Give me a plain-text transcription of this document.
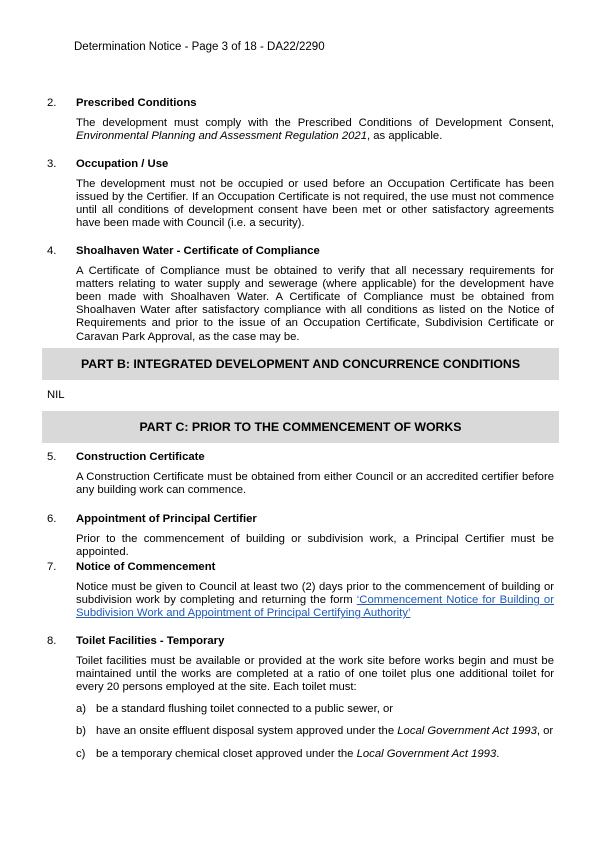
Determination Notice - Page 3 of 18 - DA22/2290
2.	Prescribed Conditions

The development must comply with the Prescribed Conditions of Development Consent, Environmental Planning and Assessment Regulation 2021, as applicable.

3.	Occupation / Use

The development must not be occupied or used before an Occupation Certificate has been issued by the Certifier. If an Occupation Certificate is not required, the use must not commence until all conditions of development consent have been met or other satisfactory agreements have been made with Council (i.e. a security).

4.	Shoalhaven Water - Certificate of Compliance

A Certificate of Compliance must be obtained to verify that all necessary requirements for matters relating to water supply and sewerage (where applicable) for the development have been made with Shoalhaven Water. A Certificate of Compliance must be obtained from Shoalhaven Water after satisfactory compliance with all conditions as listed on the Notice of Requirements and prior to the issue of an Occupation Certificate, Subdivision Certificate or Caravan Park Approval, as the case may be.

PART B: INTEGRATED DEVELOPMENT AND CONCURRENCE CONDITIONS
NIL
PART C: PRIOR TO THE COMMENCEMENT OF WORKS
5.	Construction Certificate

A Construction Certificate must be obtained from either Council or an accredited certifier before any building work can commence.

6.	Appointment of Principal Certifier

Prior to the commencement of building or subdivision work, a Principal Certifier must be appointed.

7.	Notice of Commencement

Notice must be given to Council at least two (2) days prior to the commencement of building or subdivision work by completing and returning the form ‘Commencement Notice for Building or Subdivision Work and Appointment of Principal Certifying Authority’

8.	Toilet Facilities - Temporary

Toilet facilities must be available or provided at the work site before works begin and must be maintained until the works are completed at a ratio of one toilet plus one additional toilet for every 20 persons employed at the site. Each toilet must:

a) be a standard flushing toilet connected to a public sewer, or
b) have an onsite effluent disposal system approved under the Local Government Act 1993, or
c) be a temporary chemical closet approved under the Local Government Act 1993.
